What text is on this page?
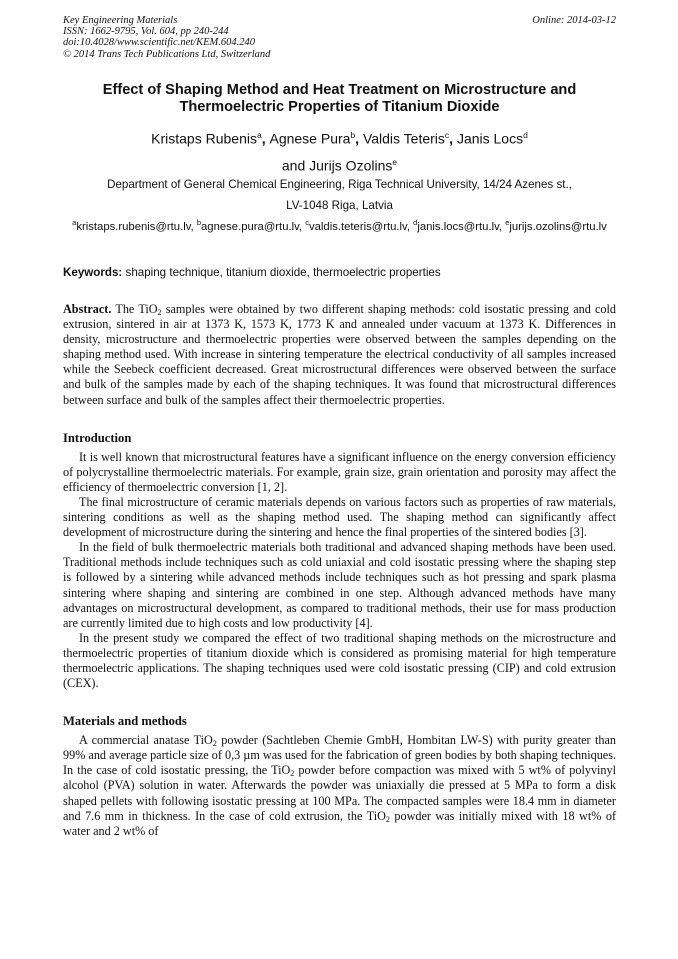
Key Engineering Materials
ISSN: 1662-9795, Vol. 604, pp 240-244
doi:10.4028/www.scientific.net/KEM.604.240
© 2014 Trans Tech Publications Ltd, Switzerland
Online: 2014-03-12
Effect of Shaping Method and Heat Treatment on Microstructure and
Thermoelectric Properties of Titanium Dioxide
Kristaps Rubenis$^a$, Agnese Pura$^b$, Valdis Teteris$^c$, Janis Locs$^d$
and Jurijs Ozolins$^e$
Department of General Chemical Engineering, Riga Technical University, 14/24 Azenes st.,
LV-1048 Riga, Latvia
$^a$kristaps.rubenis@rtu.lv, $^b$agnese.pura@rtu.lv, $^c$valdis.teteris@rtu.lv, $^d$janis.locs@rtu.lv, $^e$jurijs.ozolins@rtu.lv
Keywords: shaping technique, titanium dioxide, thermoelectric properties

Abstract. The TiO$_2$ samples were obtained by two different shaping methods: cold isostatic pressing and cold extrusion, sintered in air at 1373 K, 1573 K, 1773 K and annealed under vacuum at 1373 K. Differences in density, microstructure and thermoelectric properties were observed between the samples depending on the shaping method used. With increase in sintering temperature the electrical conductivity of all samples increased while the Seebeck coefficient decreased. Great microstructural differences were observed between the surface and bulk of the samples made by each of the shaping techniques. It was found that microstructural differences between surface and bulk of the samples affect their thermoelectric properties.

Introduction

It is well known that microstructural features have a significant influence on the energy conversion efficiency of polycrystalline thermoelectric materials. For example, grain size, grain orientation and porosity may affect the efficiency of thermoelectric conversion [1, 2].

The final microstructure of ceramic materials depends on various factors such as properties of raw materials, sintering conditions as well as the shaping method used. The shaping method can significantly affect development of microstructure during the sintering and hence the final properties of the sintered bodies [3].

In the field of bulk thermoelectric materials both traditional and advanced shaping methods have been used. Traditional methods include techniques such as cold uniaxial and cold isostatic pressing where the shaping step is followed by a sintering while advanced methods include techniques such as hot pressing and spark plasma sintering where shaping and sintering are combined in one step. Although advanced methods have many advantages on microstructural development, as compared to traditional methods, their use for mass production are currently limited due to high costs and low productivity [4].

In the present study we compared the effect of two traditional shaping methods on the microstructure and thermoelectric properties of titanium dioxide which is considered as promising material for high temperature thermoelectric applications. The shaping techniques used were cold isostatic pressing (CIP) and cold extrusion (CEX).

Materials and methods

A commercial anatase TiO$_2$ powder (Sachtleben Chemie GmbH, Hombitan LW-S) with purity greater than 99% and average particle size of 0,3 µm was used for the fabrication of green bodies by both shaping techniques. In the case of cold isostatic pressing, the TiO$_2$ powder before compaction was mixed with 5 wt% of polyvinyl alcohol (PVA) solution in water. Afterwards the powder was uniaxially die pressed at 5 MPa to form a disk shaped pellets with following isostatic pressing at 100 MPa. The compacted samples were 18.4 mm in diameter and 7.6 mm in thickness. In the case of cold extrusion, the TiO$_2$ powder was initially mixed with 18 wt% of water and 2 wt% of
